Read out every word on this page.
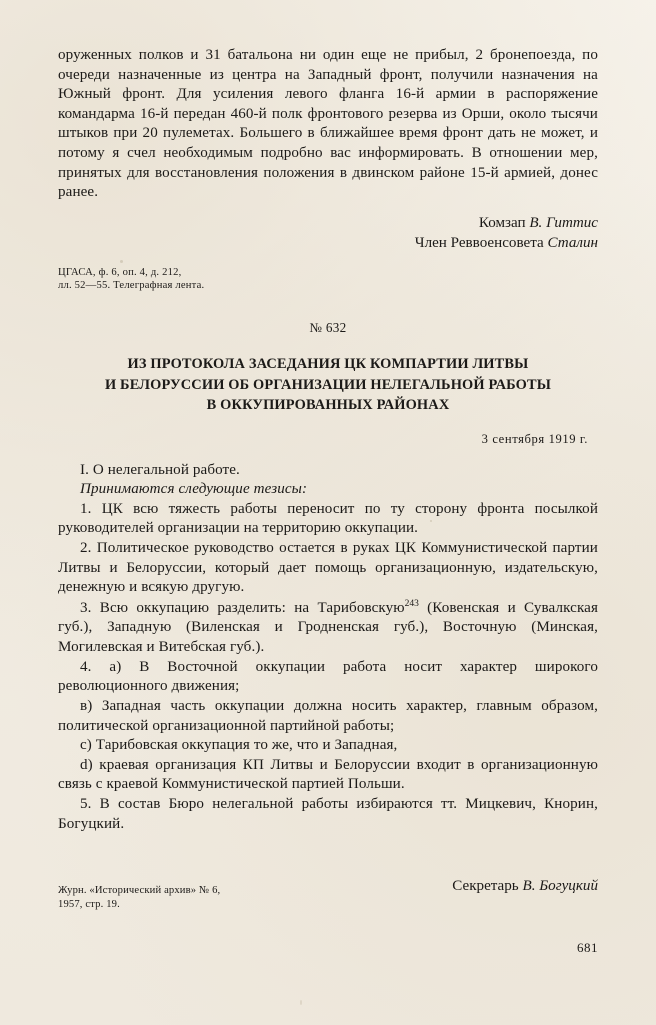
оруженных полков и 31 батальона ни один еще не прибыл, 2 бронепоезда, по очереди назначенные из центра на Западный фронт, получили назначения на Южный фронт. Для усиления левого фланга 16-й армии в распоряжение командарма 16-й передан 460-й полк фронтового резерва из Орши, около тысячи штыков при 20 пулеметах. Большего в ближайшее время фронт дать не может, и потому я счел необходимым подробно вас информировать. В отношении мер, принятых для восстановления положения в двинском районе 15-й армией, донес ранее.

Комзап В. Гиттис
Член Реввоенсовета Сталин
ЦГАСА, ф. 6, оп. 4, д. 212,
лл. 52—55. Телеграфная лента.
№ 632
ИЗ ПРОТОКОЛА ЗАСЕДАНИЯ ЦК КОМПАРТИИ ЛИТВЫ
И БЕЛОРУССИИ ОБ ОРГАНИЗАЦИИ НЕЛЕГАЛЬНОЙ РАБОТЫ
В ОККУПИРОВАННЫХ РАЙОНАХ
3 сентября 1919 г.

I. О нелегальной работе.

Принимаются следующие тезисы:

1. ЦК всю тяжесть работы переносит по ту сторону фронта посылкой руководителей организации на территорию оккупации.

2. Политическое руководство остается в руках ЦК Коммунистической партии Литвы и Белоруссии, который дает помощь организационную, издательскую, денежную и всякую другую.

3. Всю оккупацию разделить: на Тарибовскую$^{243}$ (Ковенская и Сувалкская губ.), Западную (Виленская и Гродненская губ.), Восточную (Минская, Могилевская и Витебская губ.).

4. а) В Восточной оккупации работа носит характер широкого революционного движения;

в) Западная часть оккупации должна носить характер, главным образом, политической организационной партийной работы;

с) Тарибовская оккупация то же, что и Западная,

d) краевая организация КП Литвы и Белоруссии входит в организационную связь с краевой Коммунистической партией Польши.

5. В состав Бюро нелегальной работы избираются тт. Мицкевич, Кнорин, Богуцкий.

Журн. «Исторический архив» № 6,
1957, стр. 19.
Секретарь В. Богуцкий
681
